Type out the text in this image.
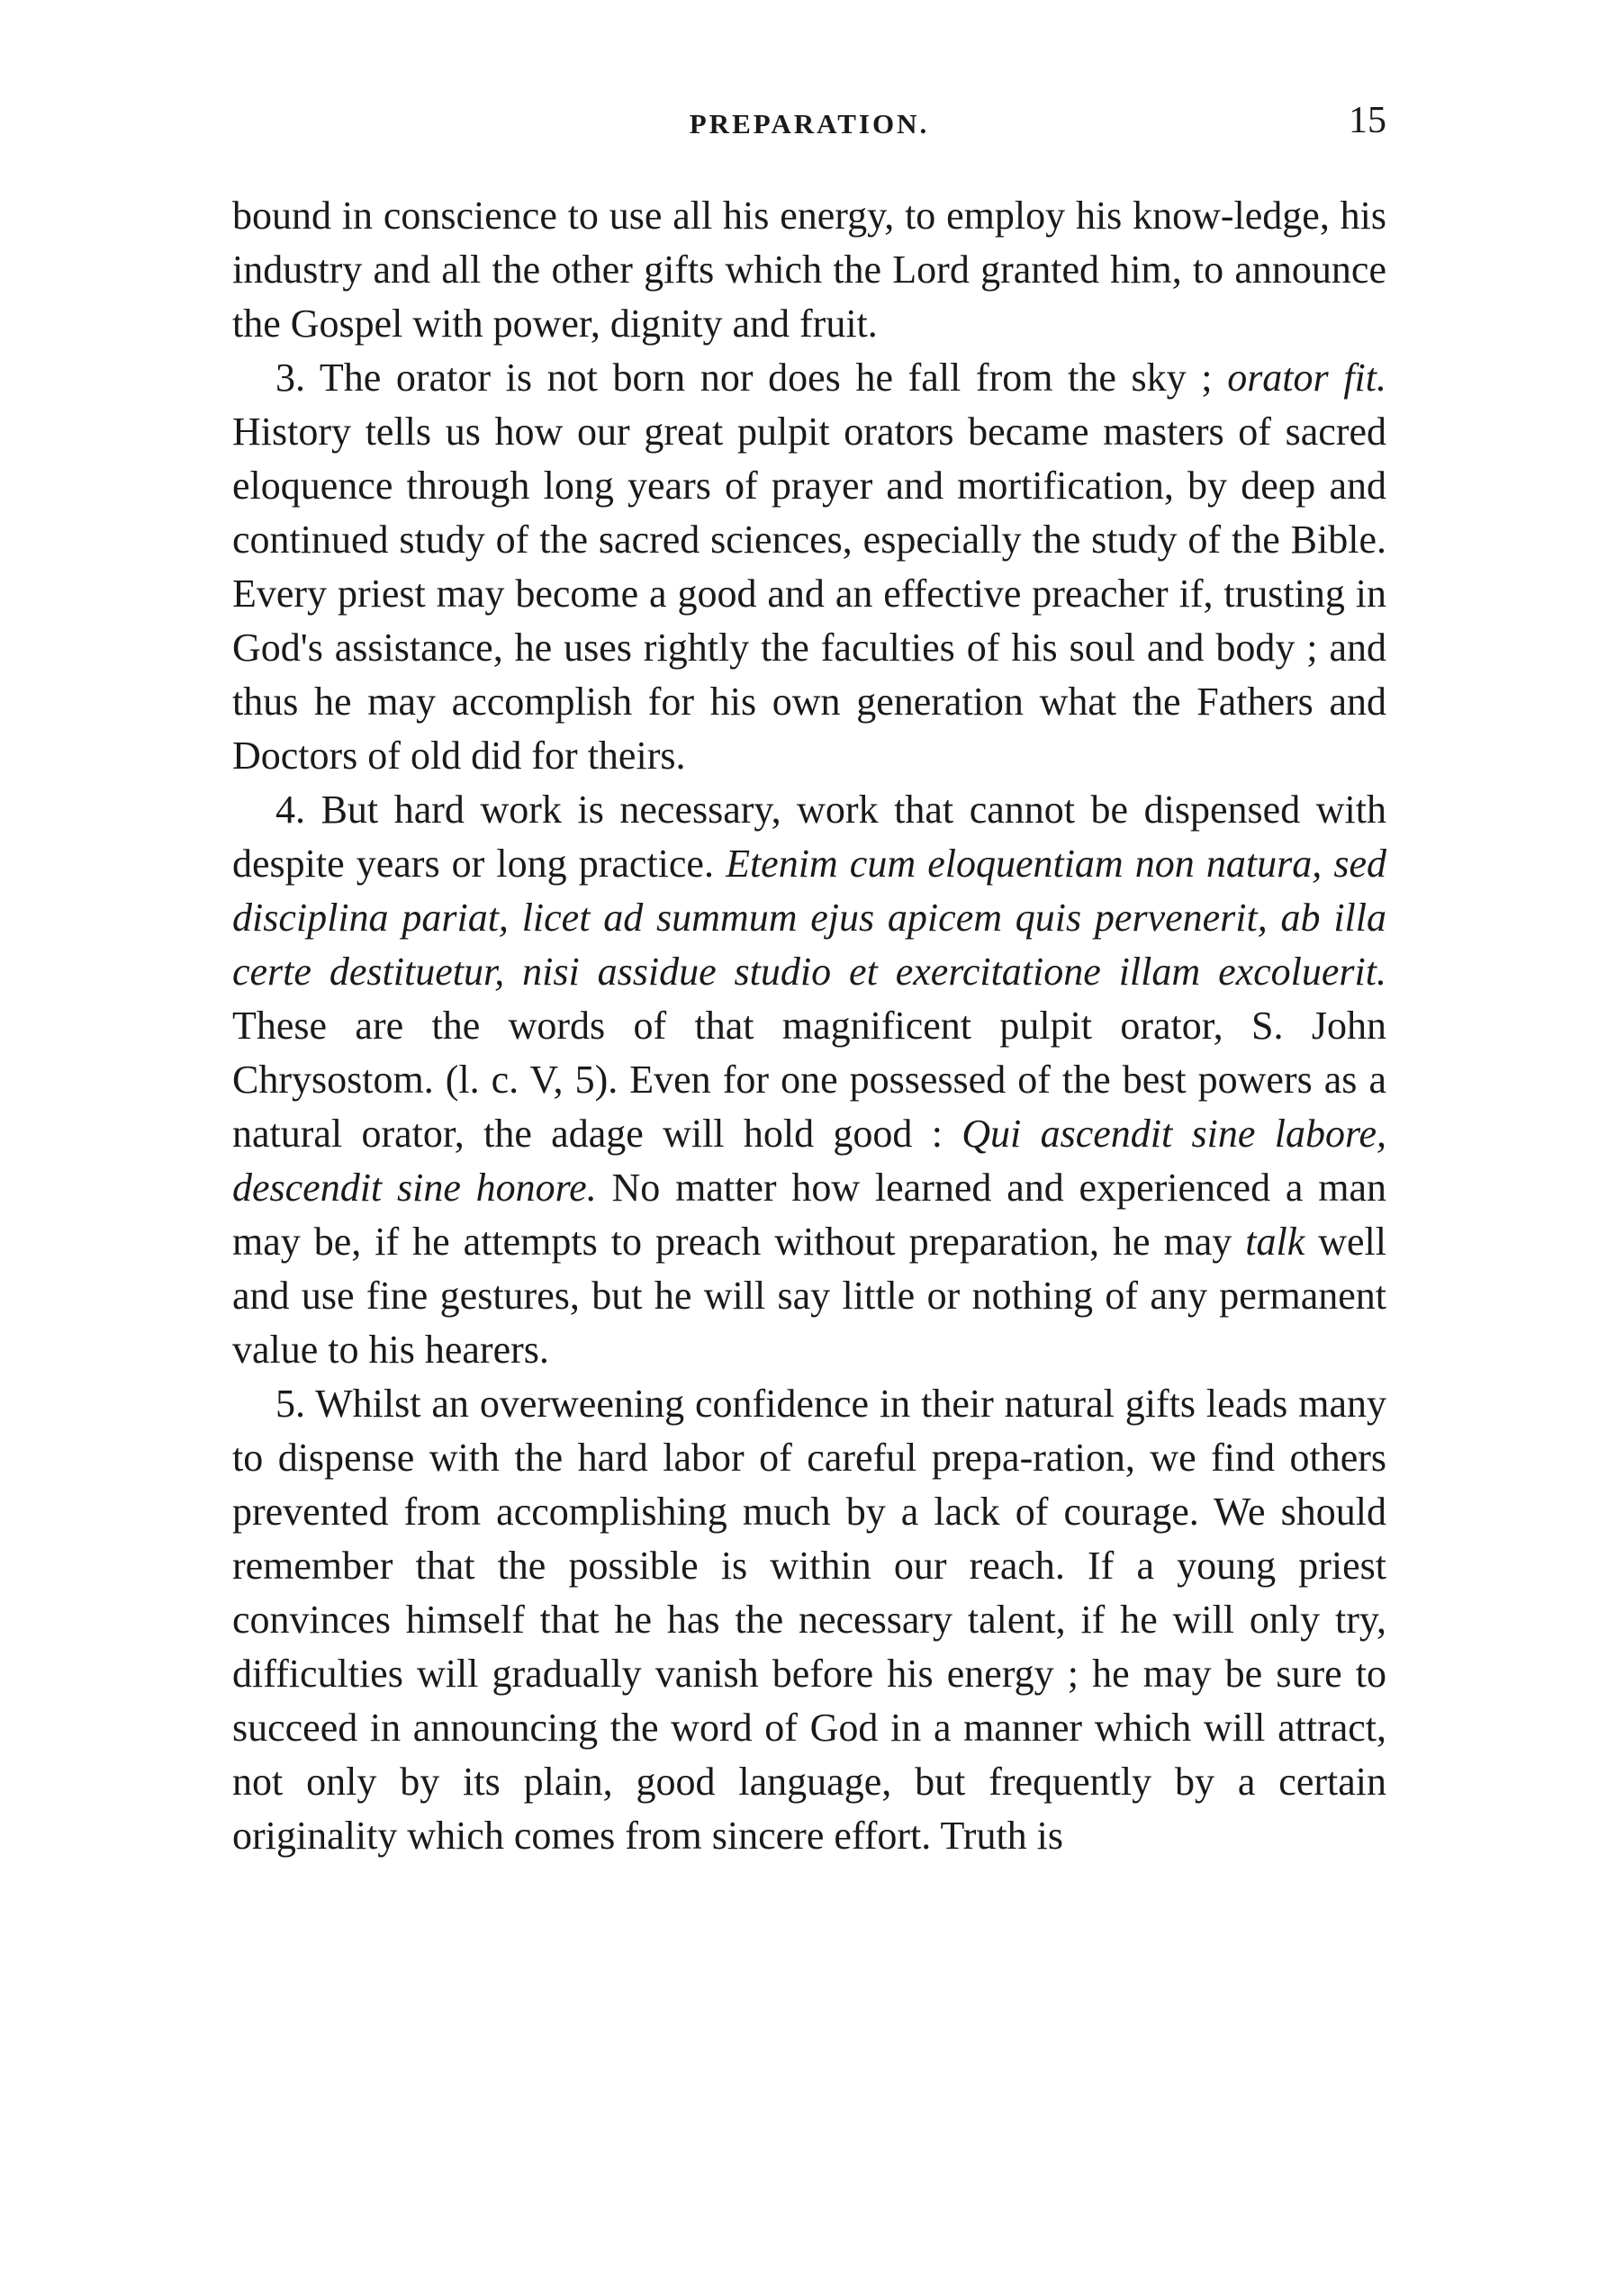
PREPARATION.	15

bound in conscience to use all his energy, to employ his know-ledge, his industry and all the other gifts which the Lord granted him, to announce the Gospel with power, dignity and fruit.

3. The orator is not born nor does he fall from the sky ; orator fit. History tells us how our great pulpit orators became masters of sacred eloquence through long years of prayer and mortification, by deep and continued study of the sacred sciences, especially the study of the Bible. Every priest may become a good and an effective preacher if, trusting in God's assistance, he uses rightly the faculties of his soul and body ; and thus he may accomplish for his own generation what the Fathers and Doctors of old did for theirs.

4. But hard work is necessary, work that cannot be dispensed with despite years or long practice. Etenim cum eloquentiam non natura, sed disciplina pariat, licet ad summum ejus apicem quis pervenerit, ab illa certe destituetur, nisi assidue studio et exercitatione illam excoluerit. These are the words of that magnificent pulpit orator, S. John Chrysostom. (l. c. V, 5). Even for one possessed of the best powers as a natural orator, the adage will hold good : Qui ascendit sine labore, descendit sine honore. No matter how learned and experienced a man may be, if he attempts to preach without preparation, he may talk well and use fine gestures, but he will say little or nothing of any permanent value to his hearers.

5. Whilst an overweening confidence in their natural gifts leads many to dispense with the hard labor of careful prepa-ration, we find others prevented from accomplishing much by a lack of courage. We should remember that the possible is within our reach. If a young priest convinces himself that he has the necessary talent, if he will only try, difficulties will gradually vanish before his energy ; he may be sure to succeed in announcing the word of God in a manner which will attract, not only by its plain, good language, but frequently by a certain originality which comes from sincere effort. Truth is
